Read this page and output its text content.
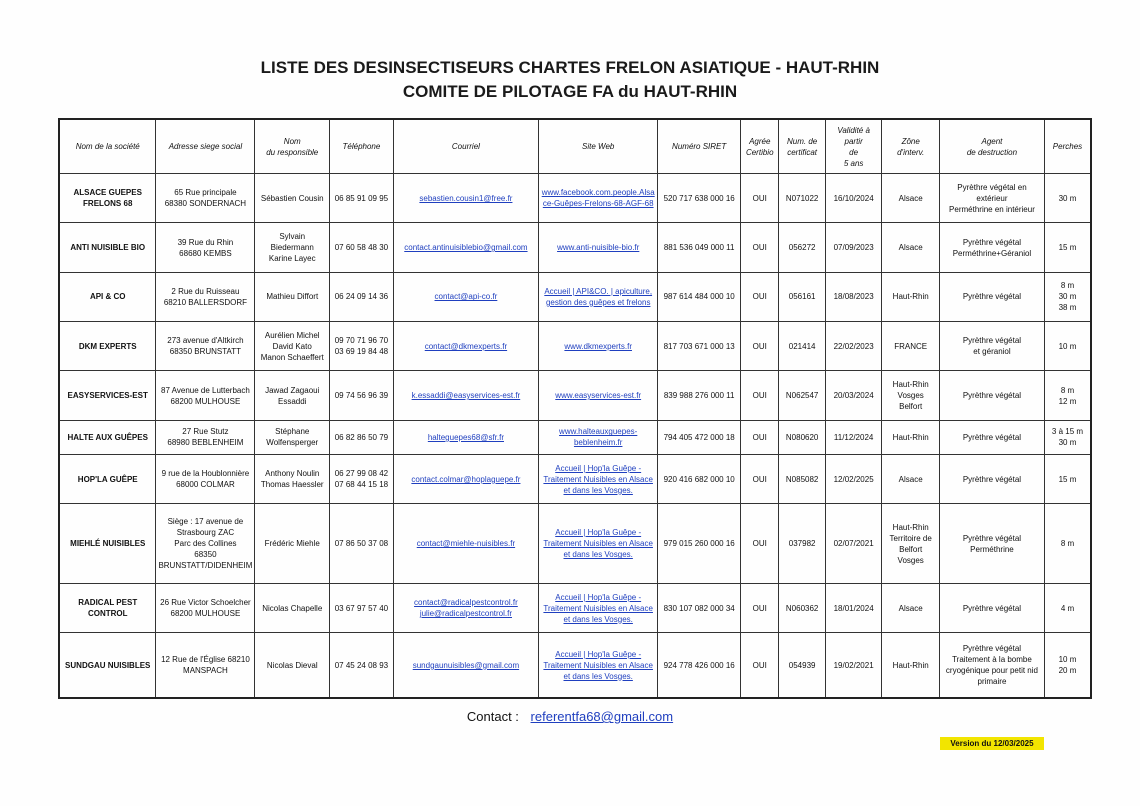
LISTE DES DESINSECTISEURS CHARTES FRELON ASIATIQUE - HAUT-RHIN
COMITE DE PILOTAGE FA du HAUT-RHIN
Nom de la société	Adresse siege social	Nom
du responsible	Téléphone	Courriel	Site Web	Numéro SIRET	Agrée
Certibio	Num. de
certificat	Validité à partir
de
5 ans	Zône
d'interv.	Agent
de destruction	Perches
ALSACE GUEPES
FRELONS 68	65 Rue principale
68380 SONDERNACH	Sébastien Cousin	06 85 91 09 95	sebastien.cousin1@free.fr	www.facebook.com.people.Alsa
ce-Guêpes-Frelons-68-AGF-68	520 717 638 000 16	OUI	N071022	16/10/2024	Alsace	Pyrèthre végétal en
extérieur
Perméthrine en intérieur	30 m
ANTI NUISIBLE BIO	39 Rue du Rhin
68680 KEMBS	Sylvain Biedermann
Karine Layec	07 60 58 48 30	contact.antinuisiblebio@gmail.com	www.anti-nuisible-bio.fr	881 536 049 000 11	OUI	056272	07/09/2023	Alsace	Pyrèthre végétal
Perméthrine+Géraniol	15 m
API & CO	2 Rue du Ruisseau
68210 BALLERSDORF	Mathieu Diffort	06 24 09 14 36	contact@api-co.fr	Accueil | API&CO. | apiculture,
gestion des guêpes et frelons	987 614 484 000 10	OUI	056161	18/08/2023	Haut-Rhin	Pyrèthre végétal	8 m
30 m
38 m
DKM EXPERTS	273 avenue d'Altkirch
68350 BRUNSTATT	Aurélien Michel
David Kato
Manon Schaeffert	09 70 71 96 70
03 69 19 84 48	contact@dkmexperts.fr	www.dkmexperts.fr	817 703 671 000 13	OUI	021414	22/02/2023	FRANCE	Pyrèthre végétal
et géraniol	10 m
EASYSERVICES-EST	87 Avenue de Lutterbach
68200 MULHOUSE	Jawad Zagaoui
Essaddi	09 74 56 96 39	k.essaddi@easyservices-est.fr	www.easyservices-est.fr	839 988 276 000 11	OUI	N062547	20/03/2024	Haut-Rhin
Vosges
Belfort	Pyrèthre végétal	8 m
12 m
HALTE AUX GUÊPES	27 Rue Stutz
68980 BEBLENHEIM	Stéphane
Wolfensperger	06 82 86 50 79	halteguepes68@sfr.fr	www.halteauxguepes-
beblenheim.fr	794 405 472 000 18	OUI	N080620	11/12/2024	Haut-Rhin	Pyrèthre végétal	3 à 15 m
30 m
HOP'LA GUÊPE	9 rue de la Houblonnière
68000 COLMAR	Anthony Noulin
Thomas Haessler	06 27 99 08 42
07 68 44 15 18	contact.colmar@hoplaguepe.fr	Accueil | Hop'la Guêpe -
Traitement Nuisibles en Alsace
et dans les Vosges.	920 416 682 000 10	OUI	N085082	12/02/2025	Alsace	Pyrèthre végétal	15 m
MIEHLÉ NUISIBLES	Siège : 17 avenue de
Strasbourg ZAC
Parc des Collines
68350
BRUNSTATT/DIDENHEIM	Frédéric Miehle	07 86 50 37 08	contact@miehle-nuisibles.fr	Accueil | Hop'la Guêpe -
Traitement Nuisibles en Alsace
et dans les Vosges.	979 015 260 000 16	OUI	037982	02/07/2021	Haut-Rhin
Territoire de
Belfort
Vosges	Pyrèthre végétal
Perméthrine	8 m
RADICAL PEST CONTROL	26 Rue Victor Schoelcher
68200 MULHOUSE	Nicolas Chapelle	03 67 97 57 40	contact@radicalpestcontrol.fr
julie@radicalpestcontrol.fr	Accueil | Hop'la Guêpe -
Traitement Nuisibles en Alsace
et dans les Vosges.	830 107 082 000 34	OUI	N060362	18/01/2024	Alsace	Pyrèthre végétal	4 m
SUNDGAU NUISIBLES	12 Rue de l'Église 68210
MANSPACH	Nicolas Dieval	07 45 24 08 93	sundgaunuisibles@gmail.com	Accueil | Hop'la Guêpe -
Traitement Nuisibles en Alsace
et dans les Vosges.	924 778 426 000 16	OUI	054939	19/02/2021	Haut-Rhin	Pyrèthre végétal
Traitement à la bombe
cryogénique pour petit nid
primaire	10 m
20 m
Contact : referentfa68@gmail.com
Version du 12/03/2025
